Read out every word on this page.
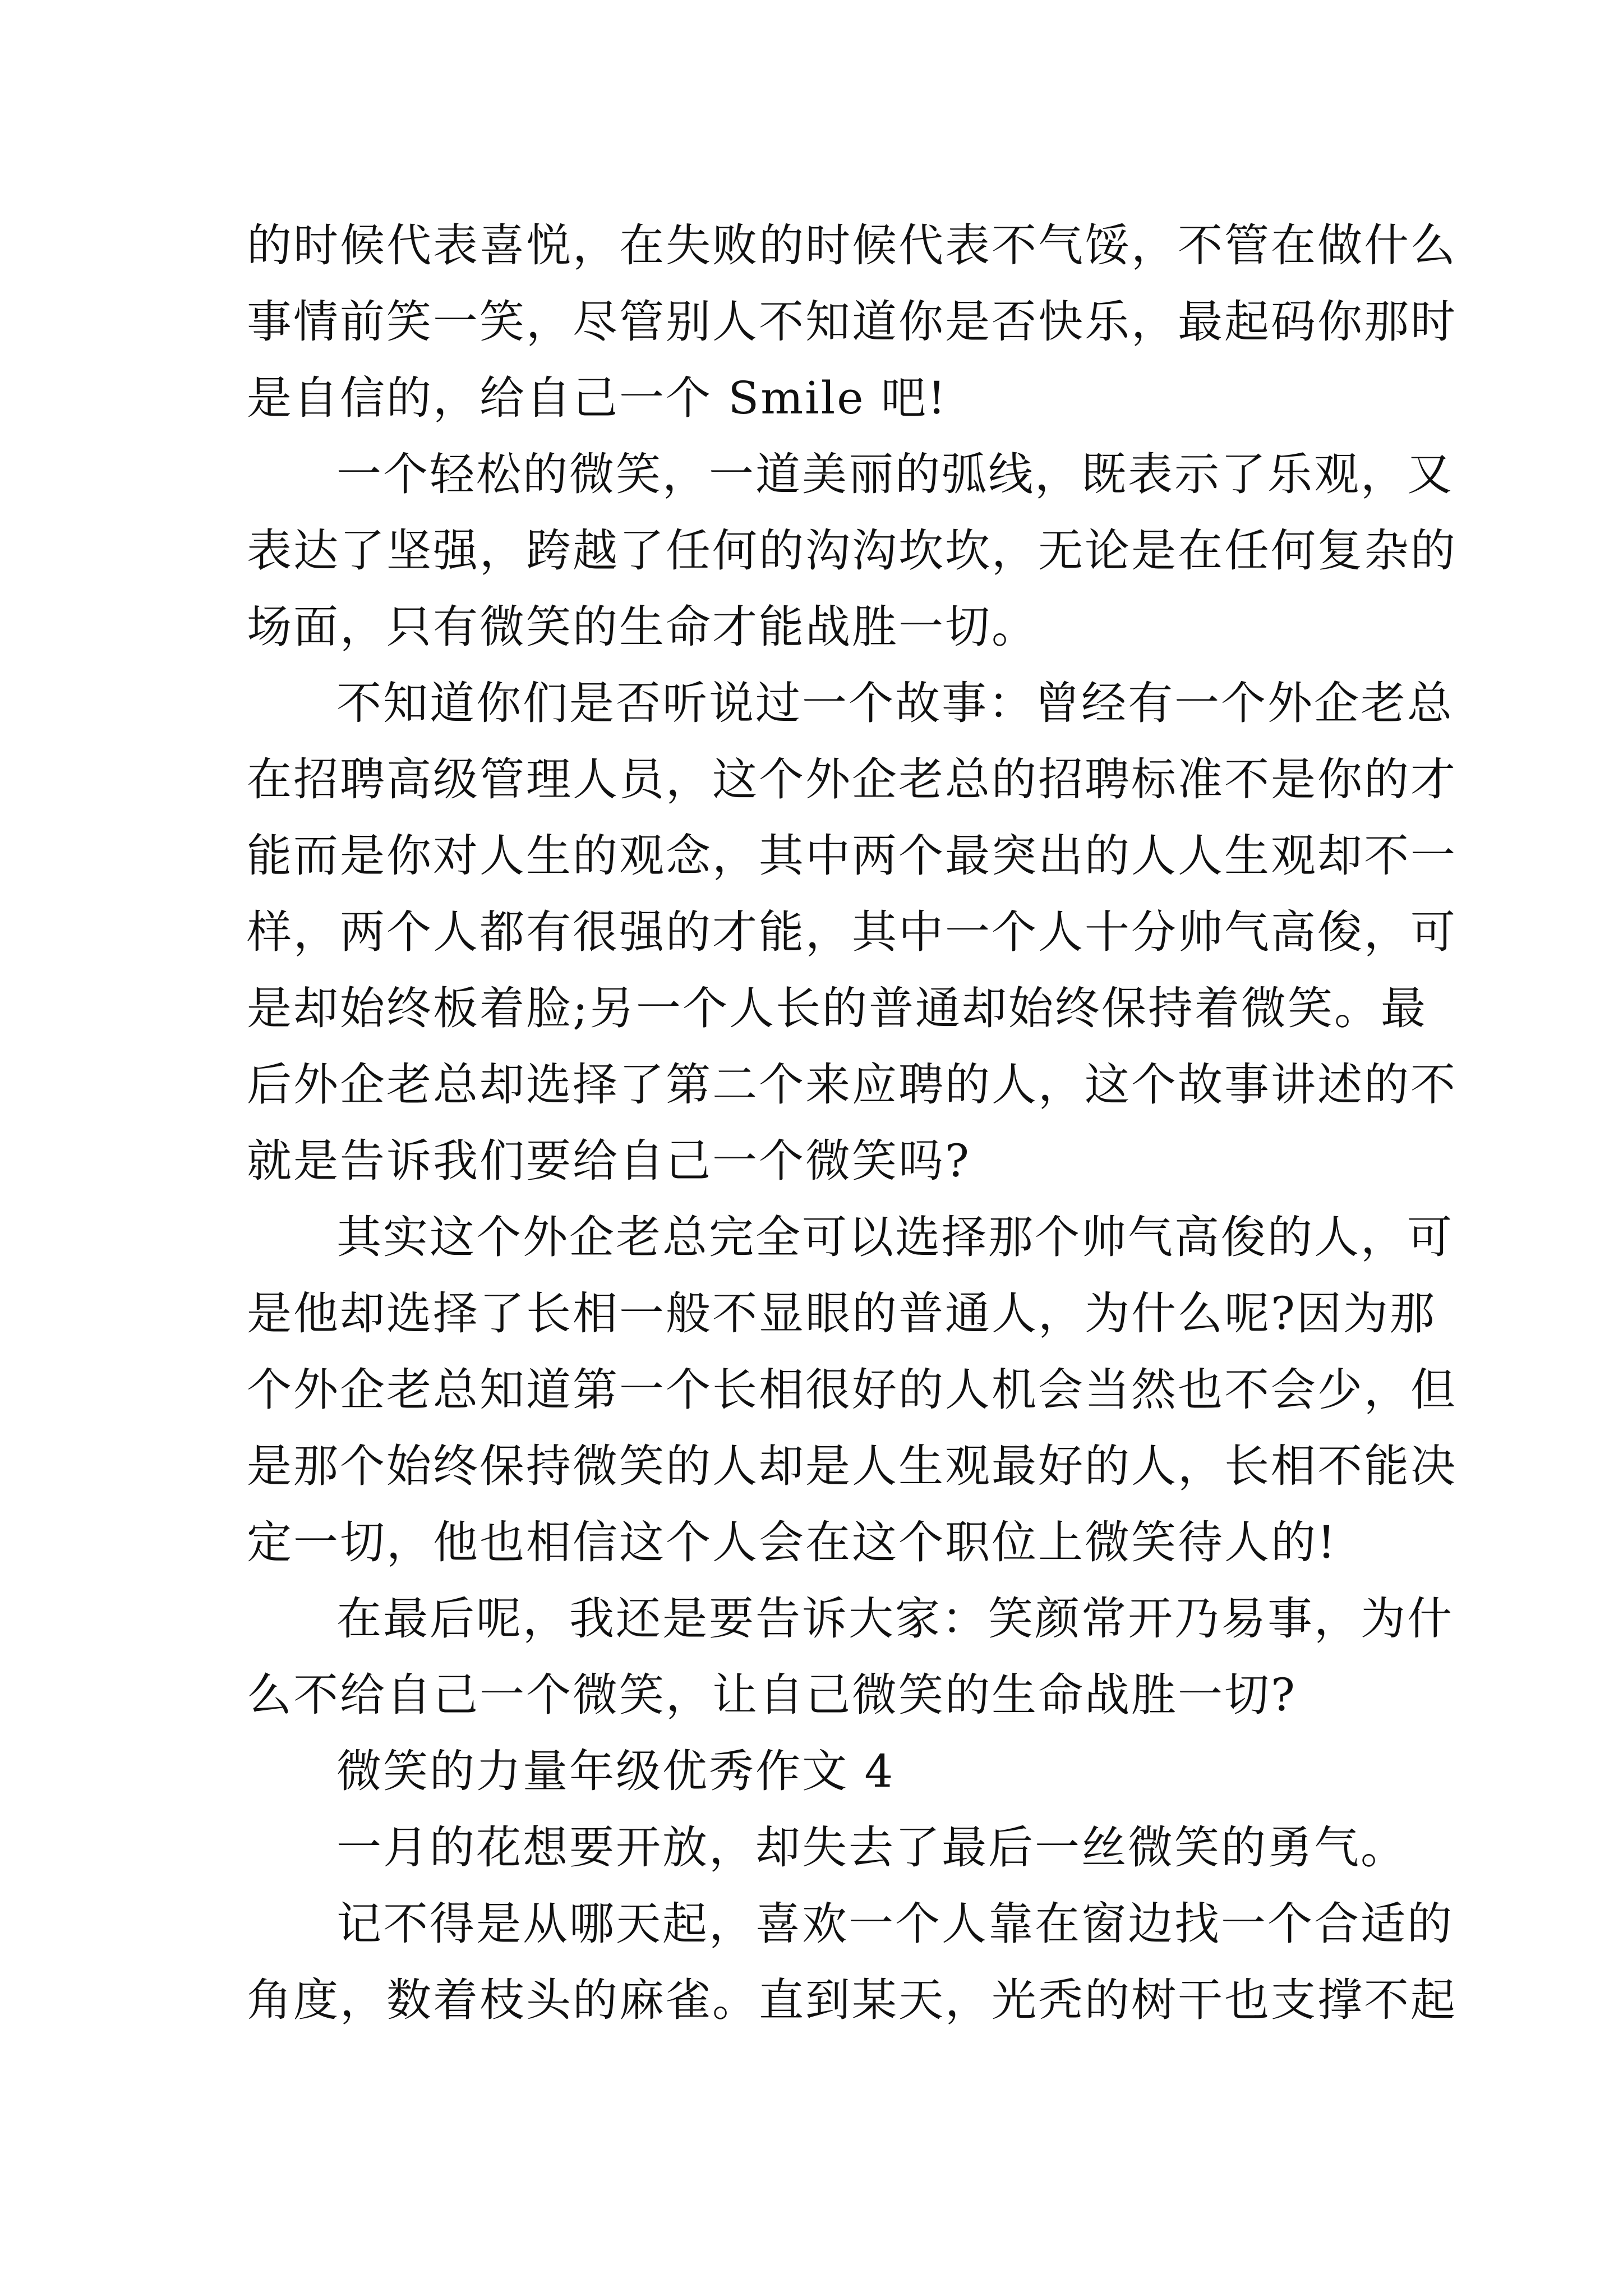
的时候代表喜悦，在失败的时候代表不气馁，不管在做什么
事情前笑一笑，尽管别人不知道你是否快乐，最起码你那时
是自信的，给自己一个 Smile 吧!
一个轻松的微笑，一道美丽的弧线，既表示了乐观，又
表达了坚强，跨越了任何的沟沟坎坎，无论是在任何复杂的
场面，只有微笑的生命才能战胜一切。
不知道你们是否听说过一个故事：曾经有一个外企老总
在招聘高级管理人员，这个外企老总的招聘标准不是你的才
能而是你对人生的观念，其中两个最突出的人人生观却不一
样，两个人都有很强的才能，其中一个人十分帅气高俊，可
是却始终板着脸;另一个人长的普通却始终保持着微笑。最
后外企老总却选择了第二个来应聘的人，这个故事讲述的不
就是告诉我们要给自己一个微笑吗?
其实这个外企老总完全可以选择那个帅气高俊的人，可
是他却选择了长相一般不显眼的普通人，为什么呢?因为那
个外企老总知道第一个长相很好的人机会当然也不会少，但
是那个始终保持微笑的人却是人生观最好的人，长相不能决
定一切，他也相信这个人会在这个职位上微笑待人的!
在最后呢，我还是要告诉大家：笑颜常开乃易事，为什
么不给自己一个微笑，让自己微笑的生命战胜一切?
微笑的力量年级优秀作文 4
一月的花想要开放，却失去了最后一丝微笑的勇气。
记不得是从哪天起，喜欢一个人靠在窗边找一个合适的
角度，数着枝头的麻雀。直到某天，光秃的树干也支撑不起
